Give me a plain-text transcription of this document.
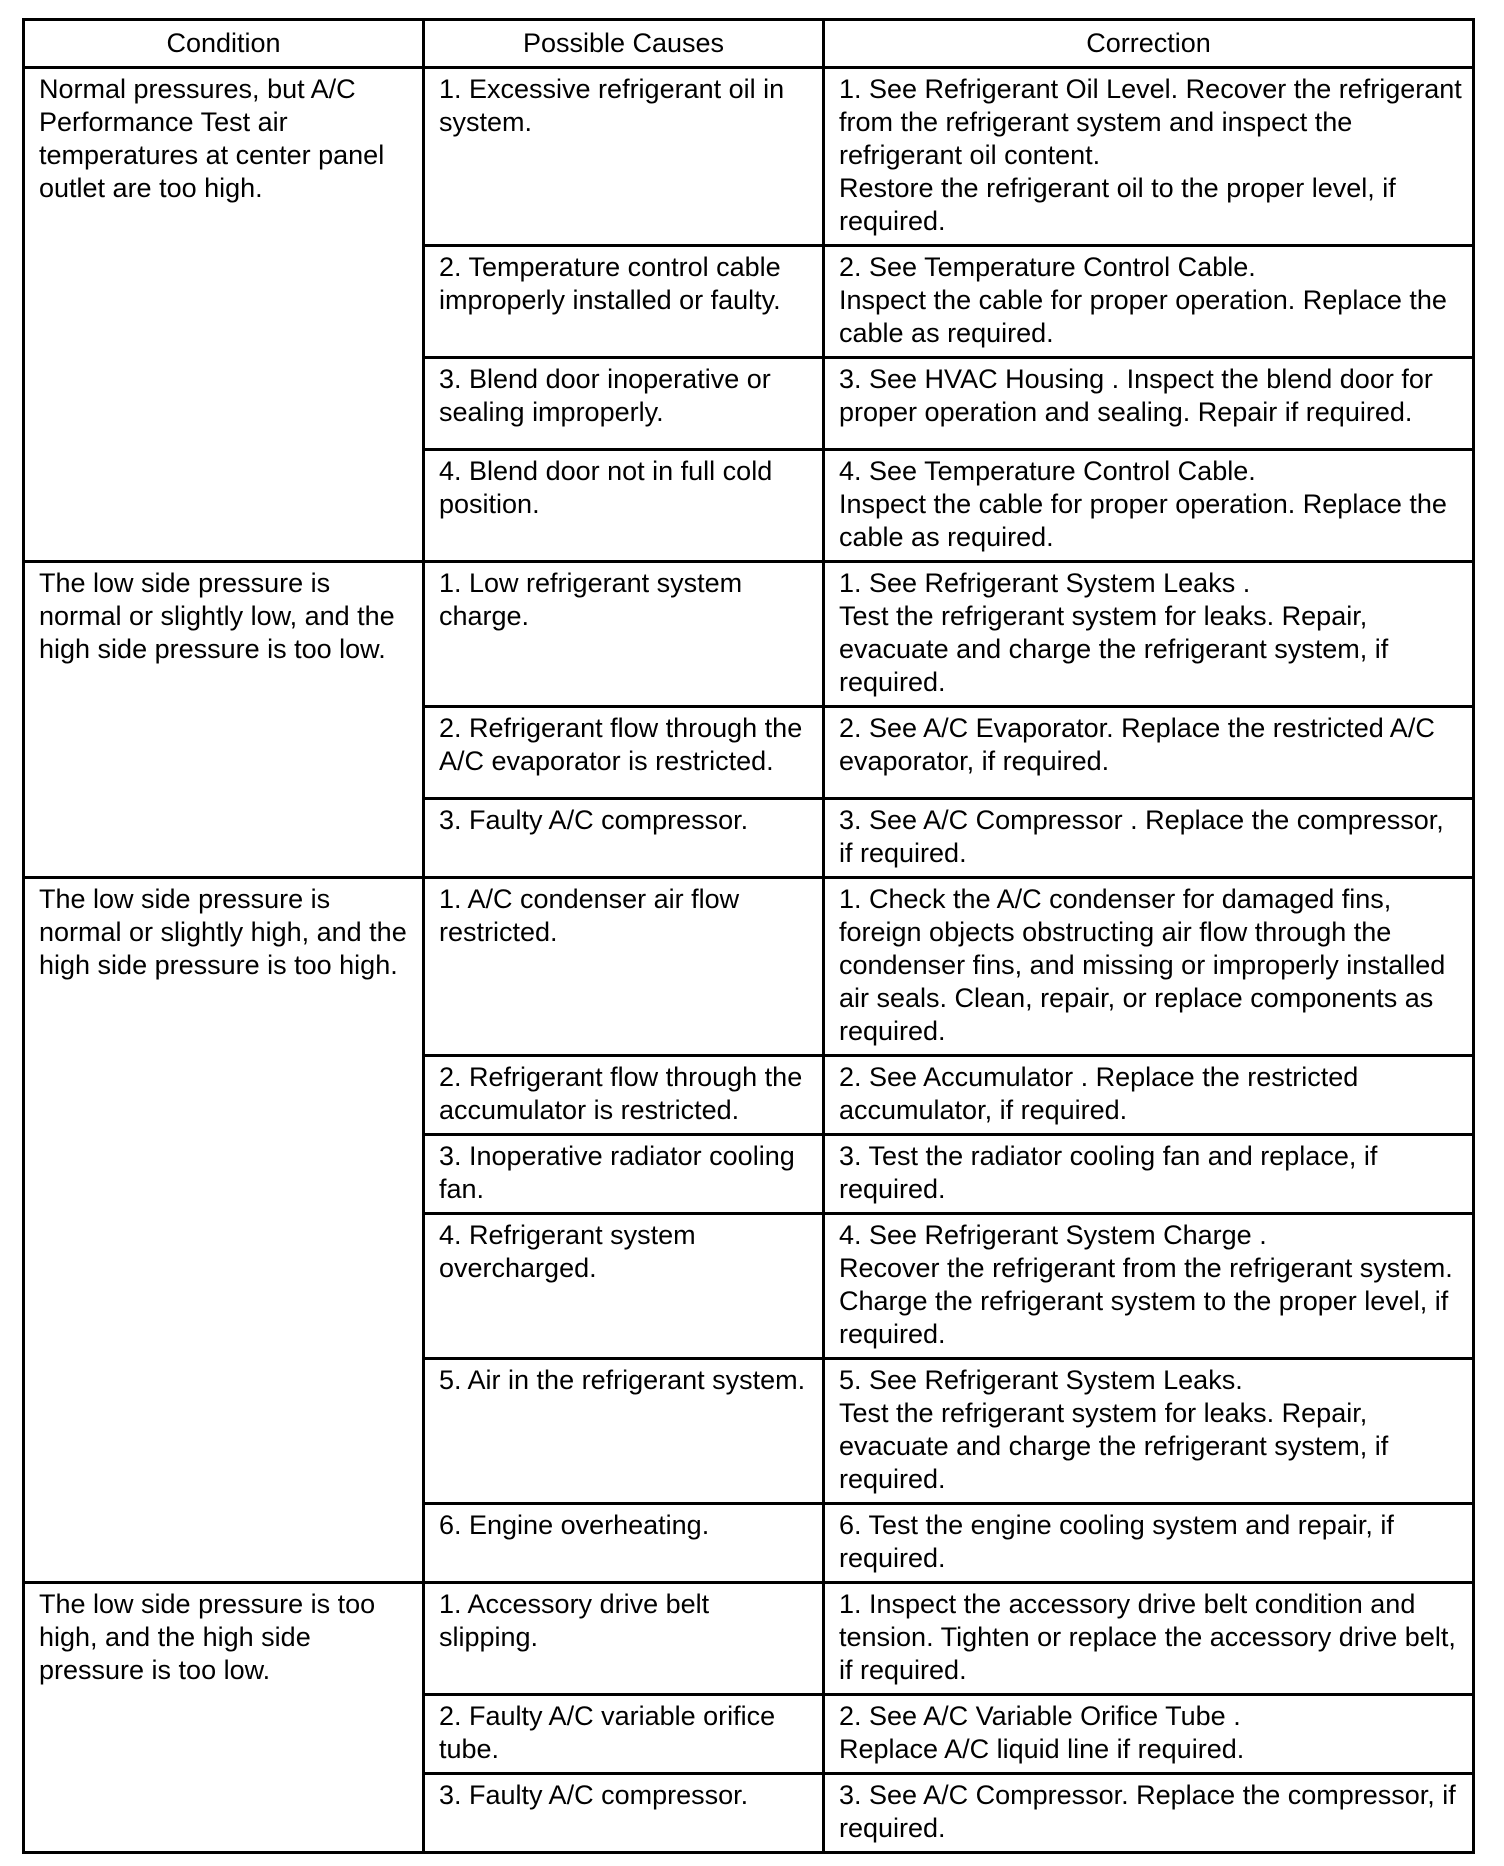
Condition	Possible Causes	Correction
Normal pressures, but A/C Performance Test air temperatures at center panel outlet are too high.	1. Excessive refrigerant oil in system.	1. See Refrigerant Oil Level. Recover the refrigerant from the refrigerant system and inspect the refrigerant oil content.
Restore the refrigerant oil to the proper level, if required.

	2. Temperature control cable improperly installed or faulty.	2. See Temperature Control Cable.
Inspect the cable for proper operation. Replace the cable as required.

	3. Blend door inoperative or sealing improperly.	3. See HVAC Housing . Inspect the blend door for proper operation and sealing. Repair if required.

	4. Blend door not in full cold position.	4. See Temperature Control Cable.
Inspect the cable for proper operation. Replace the cable as required.

The low side pressure is normal or slightly low, and the high side pressure is too low.	1. Low refrigerant system charge.	1. See Refrigerant System Leaks .
Test the refrigerant system for leaks. Repair, evacuate and charge the refrigerant system, if required.

	2. Refrigerant flow through the A/C evaporator is restricted.	2. See A/C Evaporator. Replace the restricted A/C evaporator, if required.

	3. Faulty A/C compressor.	3. See A/C Compressor . Replace the compressor, if required.

The low side pressure is normal or slightly high, and the high side pressure is too high.	1. A/C condenser air flow restricted.	1. Check the A/C condenser for damaged fins, foreign objects obstructing air flow through the condenser fins, and missing or improperly installed air seals. Clean, repair, or replace components as required.

	2. Refrigerant flow through the accumulator is restricted.	2. See Accumulator . Replace the restricted accumulator, if required.

	3. Inoperative radiator cooling fan.	3. Test the radiator cooling fan and replace, if required.

	4. Refrigerant system overcharged.	4. See Refrigerant System Charge .
Recover the refrigerant from the refrigerant system. Charge the refrigerant system to the proper level, if required.

	5. Air in the refrigerant system.	5. See Refrigerant System Leaks.
Test the refrigerant system for leaks. Repair, evacuate and charge the refrigerant system, if required.

	6. Engine overheating.	6. Test the engine cooling system and repair, if required.

The low side pressure is too high, and the high side pressure is too low.	1. Accessory drive belt slipping.	1. Inspect the accessory drive belt condition and tension. Tighten or replace the accessory drive belt, if required.

	2. Faulty A/C variable orifice tube.	2. See A/C Variable Orifice Tube .
Replace A/C liquid line if required.

	3. Faulty A/C compressor.	3. See A/C Compressor. Replace the compressor, if required.
